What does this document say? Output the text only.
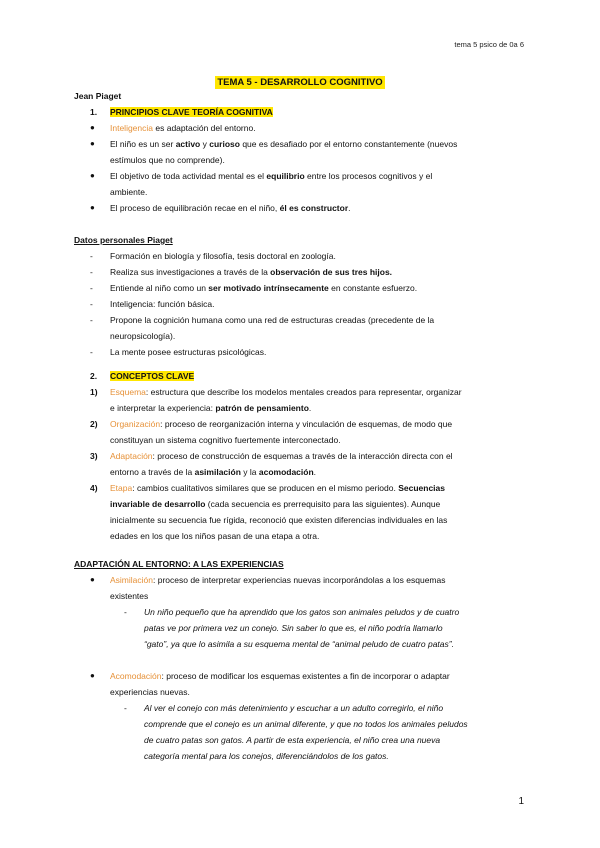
tema 5 psico de 0a 6
TEMA 5 - DESARROLLO COGNITIVO
Jean Piaget
1. PRINCIPIOS CLAVE TEORÍA COGNITIVA
● Inteligencia es adaptación del entorno.
● El niño es un ser activo y curioso que es desafiado por el entorno constantemente (nuevos
estímulos que no comprende).
● El objetivo de toda actividad mental es el equilibrio entre los procesos cognitivos y el
ambiente.
● El proceso de equilibración recae en el niño, él es constructor.
Datos personales Piaget
- Formación en biología y filosofía, tesis doctoral en zoología.
- Realiza sus investigaciones a través de la observación de sus tres hijos.
- Entiende al niño como un ser motivado intrínsecamente en constante esfuerzo.
- Inteligencia: función básica.
- Propone la cognición humana como una red de estructuras creadas (precedente de la
neuropsicología).
- La mente posee estructuras psicológicas.
2. CONCEPTOS CLAVE
1) Esquema: estructura que describe los modelos mentales creados para representar, organizar
e interpretar la experiencia: patrón de pensamiento.
2) Organización: proceso de reorganización interna y vinculación de esquemas, de modo que
constituyan un sistema cognitivo fuertemente interconectado.
3) Adaptación: proceso de construcción de esquemas a través de la interacción directa con el
entorno a través de la asimilación y la acomodación.
4) Etapa: cambios cualitativos similares que se producen en el mismo periodo. Secuencias
invariable de desarrollo (cada secuencia es prerrequisito para las siguientes). Aunque
inicialmente su secuencia fue rígida, reconoció que existen diferencias individuales en las
edades en los que los niños pasan de una etapa a otra.
ADAPTACIÓN AL ENTORNO: A LAS EXPERIENCIAS
● Asimilación: proceso de interpretar experiencias nuevas incorporándolas a los esquemas
existentes
- Un niño pequeño que ha aprendido que los gatos son animales peludos y de cuatro
patas ve por primera vez un conejo. Sin saber lo que es, el niño podría llamarlo
“gato”, ya que lo asimila a su esquema mental de “animal peludo de cuatro patas”.
● Acomodación: proceso de modificar los esquemas existentes a fin de incorporar o adaptar
experiencias nuevas.
- Al ver el conejo con más detenimiento y escuchar a un adulto corregirlo, el niño
comprende que el conejo es un animal diferente, y que no todos los animales peludos
de cuatro patas son gatos. A partir de esta experiencia, el niño crea una nueva
categoría mental para los conejos, diferenciándolos de los gatos.
1
